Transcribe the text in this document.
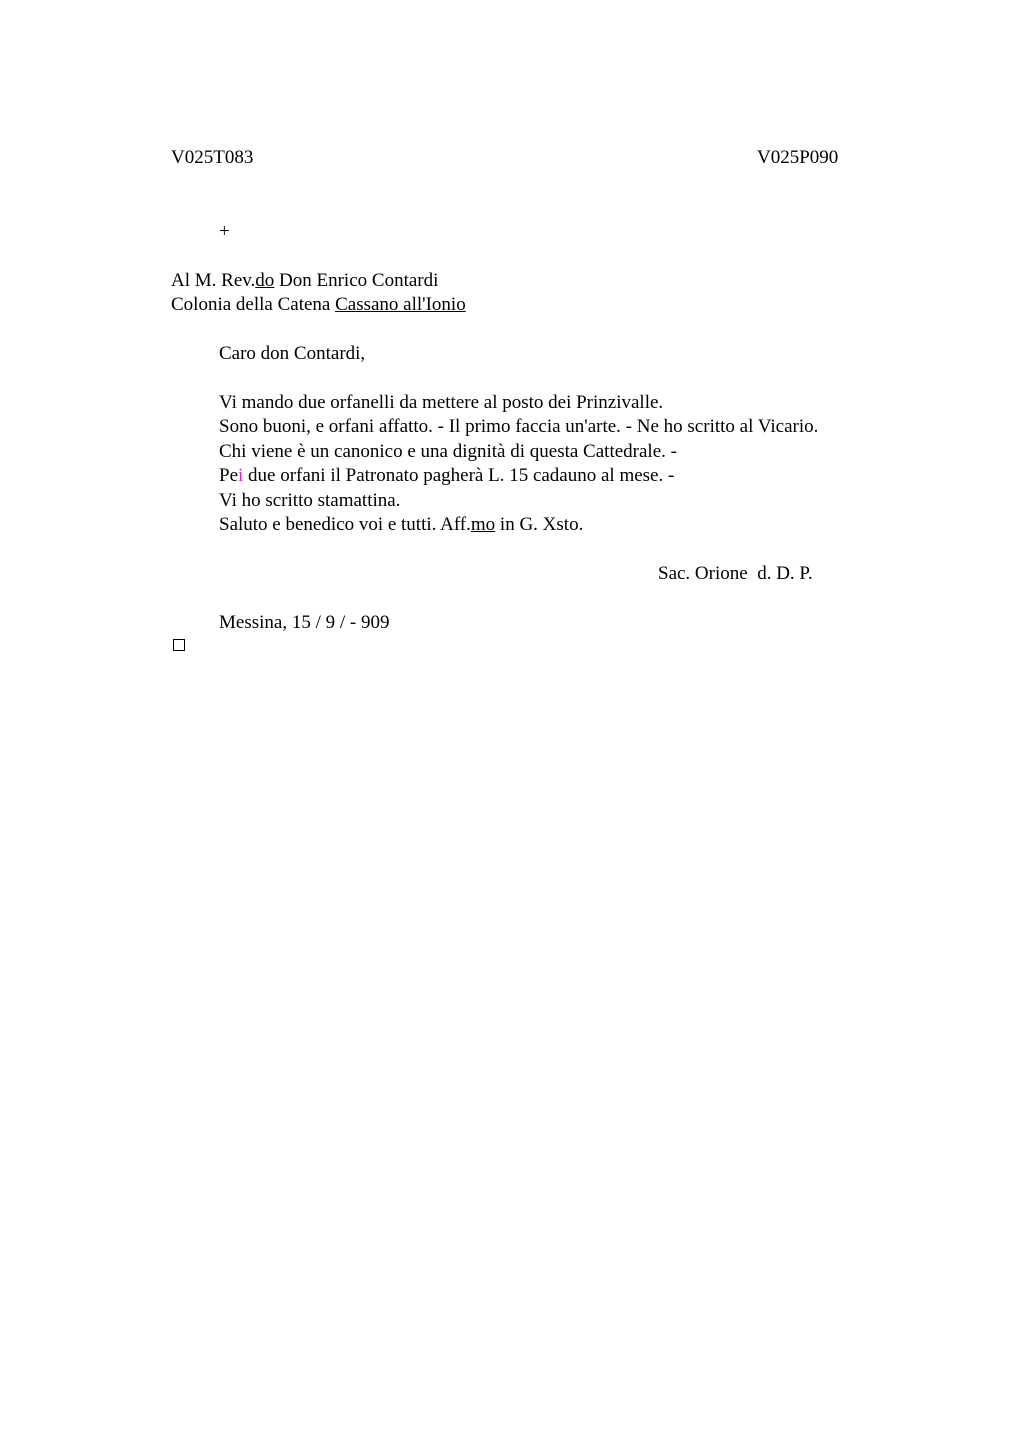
V025T083	V025P090
+
Al M. Rev.do Don Enrico Contardi
Colonia della Catena Cassano all'Ionio
Caro don Contardi,
Vi mando due orfanelli da mettere al posto dei Prinzivalle.
Sono buoni, e orfani affatto. - Il primo faccia un'arte. - Ne ho scritto al Vicario.
Chi viene è un canonico e una dignità di questa Cattedrale. -
Pei due orfani il Patronato pagherà L. 15 cadauno al mese. -
Vi ho scritto stamattina.
Saluto e benedico voi e tutti. Aff.mo in G. Xsto.
Sac. Orione  d. D. P.
Messina, 15 / 9 / - 909
